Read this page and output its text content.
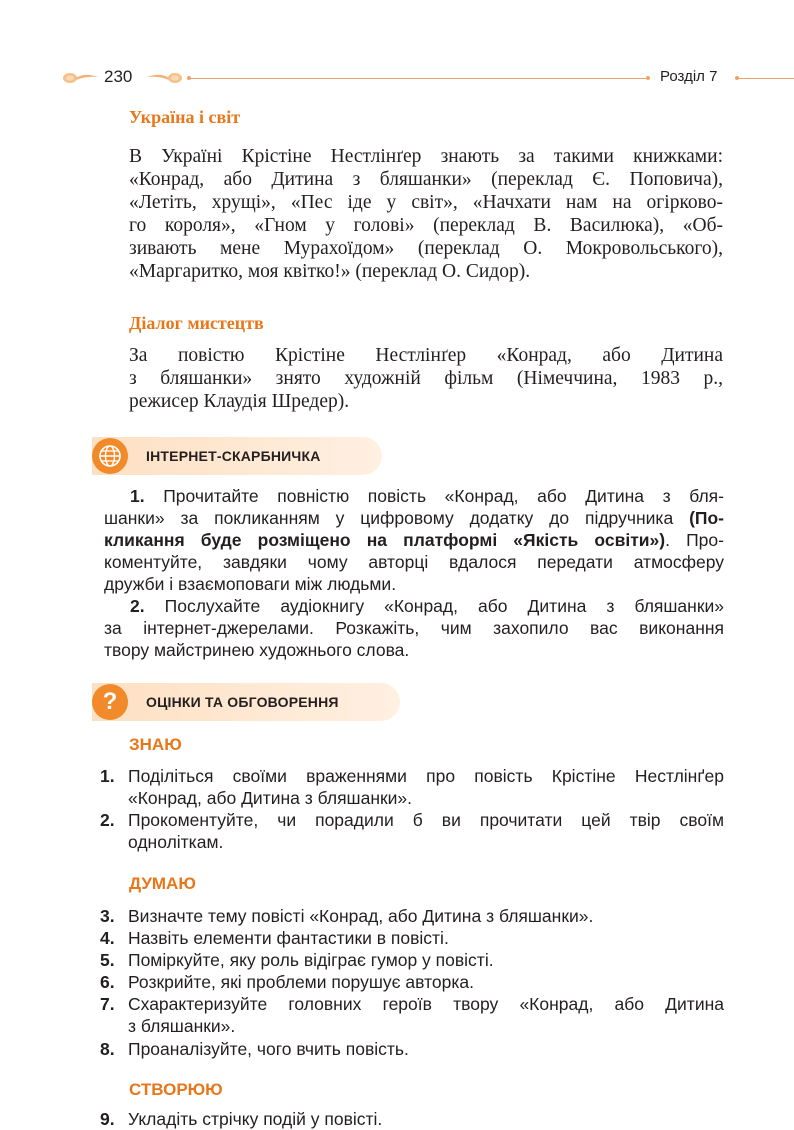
230	Розділ 7
Україна і світ
В Україні Крістіне Нестлінґер знають за такими книжками:
«Конрад, або Дитина з бляшанки» (переклад Є. Поповича),
«Летіть, хрущі», «Пес іде у світ», «Начхати нам на огірково-
го короля», «Гном у голові» (переклад В. Василюка), «Об-
зивають мене Мурахоїдом» (переклад О. Мокровольського),
«Маргаритко, моя квітко!» (переклад О. Сидор).
Діалог мистецтв
За повістю Крістіне Нестлінґер «Конрад, або Дитина
з бляшанки» знято художній фільм (Німеччина, 1983 р.,
режисер Клаудія Шредер).
ІНТЕРНЕТ-СКАРБНИЧКА
1. Прочитайте повністю повість «Конрад, або Дитина з бля-
шанки» за покликанням у цифровому додатку до підручника (По-
кликання буде розміщено на платформі «Якість освіти»). Про-
коментуйте, завдяки чому авторці вдалося передати атмосферу
дружби і взаємоповаги між людьми.
2. Послухайте аудіокнигу «Конрад, або Дитина з бляшанки»
за інтернет-джерелами. Розкажіть, чим захопило вас виконання
твору майстринею художнього слова.
?	ОЦІНКИ ТА ОБГОВОРЕННЯ
ЗНАЮ
1. Поділіться своїми враженнями про повість Крістіне Нестлінґер
«Конрад, або Дитина з бляшанки».
2. Прокоментуйте, чи порадили б ви прочитати цей твір своїм
одноліткам.
ДУМАЮ
3. Визначте тему повісті «Конрад, або Дитина з бляшанки».
4. Назвіть елементи фантастики в повісті.
5. Поміркуйте, яку роль відіграє гумор у повісті.
6. Розкрийте, які проблеми порушує авторка.
7. Схарактеризуйте головних героїв твору «Конрад, або Дитина
з бляшанки».
8. Проаналізуйте, чого вчить повість.
СТВОРЮЮ
9. Укладіть стрічку подій у повісті.
